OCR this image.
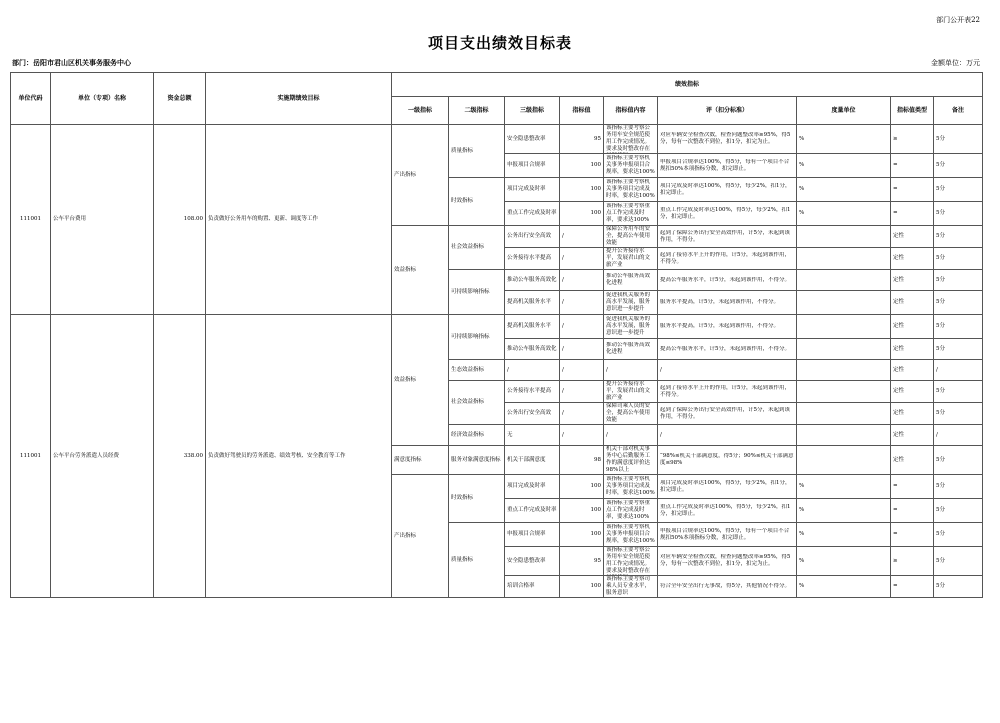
部门公开表22
项目支出绩效目标表
部门：岳阳市君山区机关事务服务中心	金额单位：万元
单位代码	单位（专项）名称	资金总额	实施期绩效目标	绩效指标								
				一级指标	二级指标	三级指标	指标值	指标值内容	评（扣分标准）	度量单位	指标值类型	备注
111001	公车平台费用	108.00	负责做好公务用车的购置、更新、调度等工作	产出指标	质量指标	安全隐患整改率	95	该指标主要考察公务用车安全规范使用工作完成情况。要求及时整改存在	对应车辆安全检查次数，检查问题整改率≥95%，得5分，每有一次整改不到位，扣1分，扣完为止。	%	≥	5分
						申报项目合规率	100	该指标主要考察机关事务申报项目合规率，要求达100%	申报项目合规率达100%，得5分，每有一个项目不合规扣50%本项指标分数，扣完即止。	%	=	5分
					时效指标	项目完成及时率	100	该指标主要考察机关事务项目完成及时率，要求达100%	项目完成及时率达100%，得5分，每少2%，扣1分，扣完即止。	%	=	5分
						重点工作完成及时率	100	该指标主要考察重点工作完成及时率，要求达100%	重点工作完成及时率达100%，得5分，每少2%，扣1分，扣完即止。	%	=	5分
				效益指标	社会效益指标	公务出行安全高效	/	保障公务用车的安全，提高公车使用效能	起到了保障公务出行安全高效作用，计5分，未起到该作用，不得分。		定性	5分
						公务接待水平提高	/	提升公务接待水平，发展君山的文旅产业	起到了接待水平上升的作用，计5分，未起到该作用，不得分。		定性	5分
					可持续影响指标	推动公车服务高效化	/	推动公车服务高效化进程	提高公车服务水平，计5分，未起到该作用，不得分。		定性	5分
						提高机关服务水平	/	促进我机关服务的高水平发展，服务意识进一步提升	服务水平提高，计5分，未起到该作用，不得分。		定性	5分
111001	公车平台劳务派遣人员经费	338.00	负责做好驾驶员的劳务派遣、绩效考核、安全教育等工作	效益指标	可持续影响指标	提高机关服务水平	/	促进我机关服务的高水平发展，服务意识进一步提升	服务水平提高，计5分，未起到该作用，不得分。		定性	5分
						推动公车服务高效化	/	推动公车服务高效化进程	提高公车服务水平，计5分，未起到该作用，不得分。		定性	5分
					生态效益指标	/	/	/	/		定性	/
					社会效益指标	公务接待水平提高	/	提升公务接待水平，发展君山的文旅产业	起到了接待水平上升的作用，计5分，未起到该作用，不得分。		定性	5分
						公务出行安全高效	/	保障司乘人员的安全，提高公车使用效能	起到了保障公务出行安全高效作用，计5分，未起到该作用，不得分。		定性	5分
					经济效益指标	无	/	/	/		定性	/
				满意度指标	服务对象满意度指标	机关干部满意度	98	机关干部对机关事务中心后勤服务工作的满意度评价达98%以上	“98%≤机关干部满意度，得5分；90%≤机关干部满意度≤98%		定性	5分
				产出指标	时效指标	项目完成及时率	100	该指标主要考察机关事务项目完成及时率，要求达100%	项目完成及时率达100%，得5分，每少2%，扣1分，扣完即止。	%	=	5分
						重点工作完成及时率	100	该指标主要考察重点工作完成及时率，要求达100%	重点工作完成及时率达100%，得5分，每少2%，扣1分，扣完即止。	%	=	5分
					质量指标	申报项目合规率	100	该指标主要考察机关事务申报项目合规率，要求达100%	申报项目合规率达100%，得5分，每有一个项目不合规扣50%本项指标分数，扣完即止。	%	=	5分
						安全隐患整改率	95	该指标主要考察公务用车安全规范使用工作完成情况。要求及时整改存在	对应车辆安全检查次数，检查问题整改率≥95%，得5分，每有一次整改不到位，扣1分，扣完为止。	%	≥	5分
						培训合格率	100	该指标主要考察司乘人员专业水平，服务意识	符合全年安全出行无事故，得5分，其他情况不得分。	%	=	5分
